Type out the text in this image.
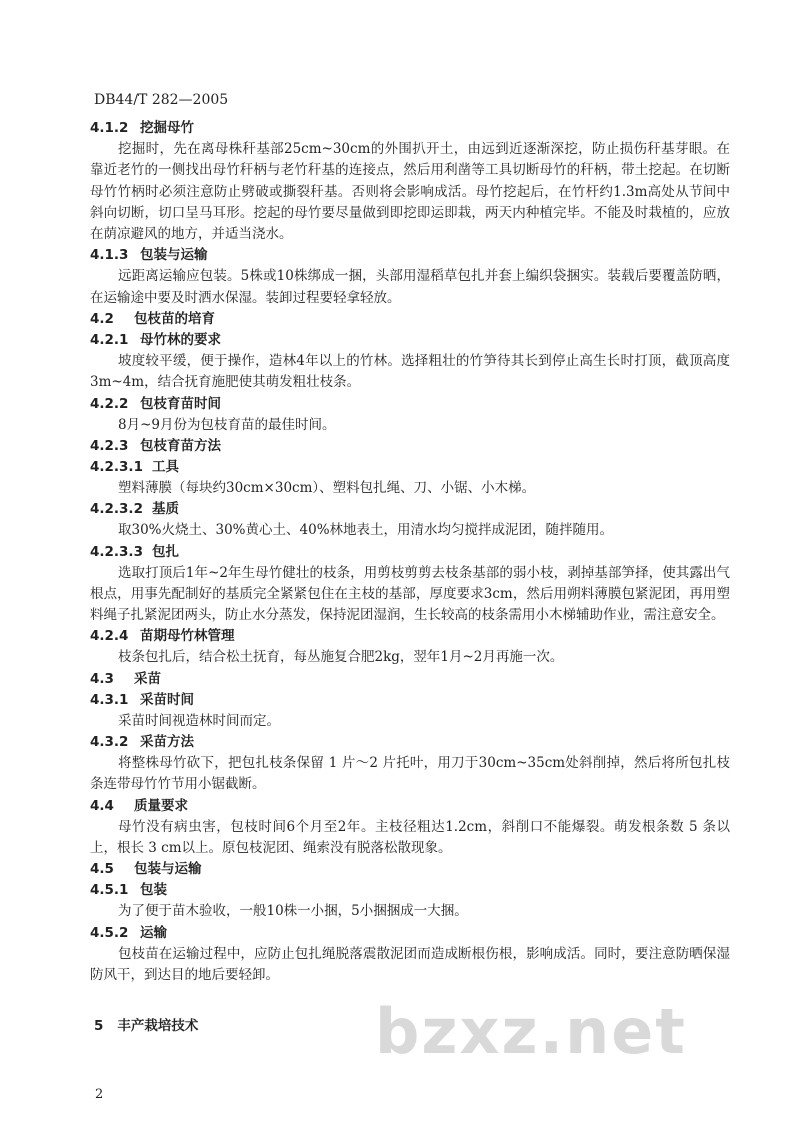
DB44/T 282—2005
4.1.2 挖掘母竹

挖掘时，先在离母株秆基部25cm~30cm的外围扒开土，由远到近逐渐深挖，防止损伤秆基芽眼。在靠近老竹的一侧找出母竹秆柄与老竹秆基的连接点，然后用利凿等工具切断母竹的秆柄，带土挖起。在切断母竹竹柄时必须注意防止劈破或撕裂秆基。否则将会影响成活。母竹挖起后，在竹杆约1.3m高处从节间中斜向切断，切口呈马耳形。挖起的母竹要尽量做到即挖即运即栽，两天内种植完毕。不能及时栽植的，应放在荫凉避风的地方，并适当浇水。

4.1.3 包装与运输

远距离运输应包装。5株或10株绑成一捆，头部用湿稻草包扎并套上编织袋捆实。装载后要覆盖防晒，在运输途中要及时洒水保湿。装卸过程要轻拿轻放。

4.2 包枝苗的培育
4.2.1 母竹林的要求

坡度较平缓，便于操作，造林4年以上的竹林。选择粗壮的竹笋待其长到停止高生长时打顶，截顶高度3m~4m，结合抚育施肥使其萌发粗壮枝条。

4.2.2 包枝育苗时间

8月~9月份为包枝育苗的最佳时间。

4.2.3 包枝育苗方法
4.2.3.1 工具

塑料薄膜（每块约30cm×30cm）、塑料包扎绳、刀、小锯、小木梯。

4.2.3.2 基质

取30%火烧土、30%黄心土、40%林地表土，用清水均匀搅拌成泥团，随拌随用。

4.2.3.3 包扎

选取打顶后1年~2年生母竹健壮的枝条，用剪枝剪剪去枝条基部的弱小枝，剥掉基部笋择，使其露出气根点，用事先配制好的基质完全紧紧包住在主枝的基部，厚度要求3cm，然后用朔料薄膜包紧泥团，再用塑料绳子扎紧泥团两头，防止水分蒸发，保持泥团湿润，生长较高的枝条需用小木梯辅助作业，需注意安全。

4.2.4 苗期母竹林管理

枝条包扎后，结合松土抚育，每丛施复合肥2kg，翌年1月~2月再施一次。

4.3 采苗
4.3.1 采苗时间

采苗时间视造林时间而定。

4.3.2 采苗方法

将整株母竹砍下，把包扎枝条保留 1 片～2 片托叶，用刀于30cm~35cm处斜削掉，然后将所包扎枝条连带母竹竹节用小锯截断。

4.4 质量要求

母竹没有病虫害，包枝时间6个月至2年。主枝径粗达1.2cm，斜削口不能爆裂。萌发根条数 5 条以上，根长 3 cm以上。原包枝泥团、绳索没有脱落松散现象。

4.5 包装与运输
4.5.1 包装

为了便于苗木验收，一般10株一小捆，5小捆捆成一大捆。

4.5.2 运输

包枝苗在运输过程中，应防止包扎绳脱落震散泥团而造成断根伤根，影响成活。同时，要注意防晒保湿防风干，到达目的地后要轻卸。

bzxz.net
5 丰产栽培技术
2
